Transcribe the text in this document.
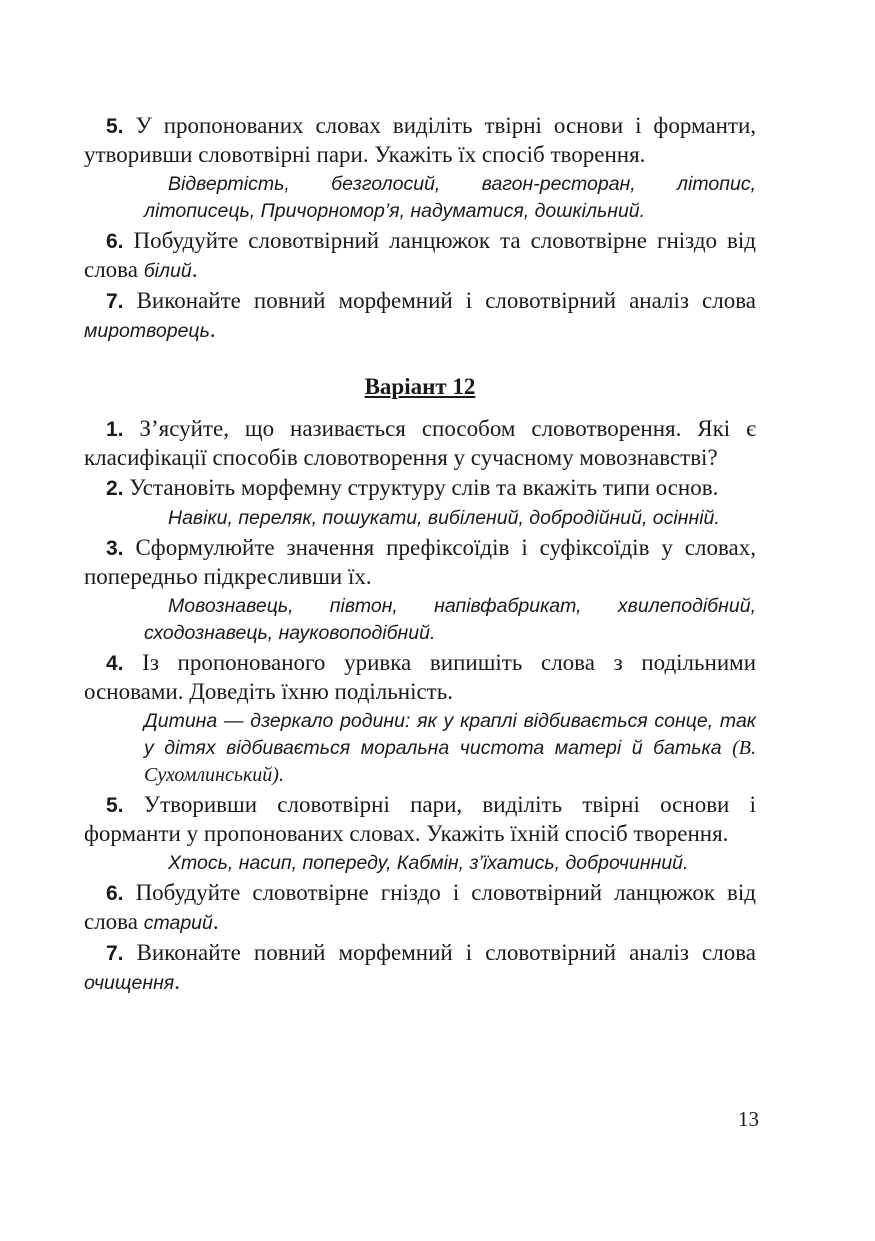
5. У пропонованих словах виділіть твірні основи і форманти, утворивши словотвірні пари. Укажіть їх спосіб творення.

Відвертість, безголосий, вагон-ресторан, літопис, літописець, Причорномор’я, надуматися, дошкільний.

6. Побудуйте словотвірний ланцюжок та словотвірне гніздо від слова білий.

7. Виконайте повний морфемний і словотвірний аналіз слова миротворець.

Варіант 12

1. З’ясуйте, що називається способом словотворення. Які є класифікації способів словотворення у сучасному мовознавстві?

2. Установіть морфемну структуру слів та вкажіть типи основ.

Навіки, переляк, пошукати, вибілений, добродійний, осінній.

3. Сформулюйте значення префіксоїдів і суфіксоїдів у словах, попередньо підкресливши їх.

Мовознавець, півтон, напівфабрикат, хвилеподібний, сходознавець, науковоподібний.

4. Із пропонованого уривка випишіть слова з подільними основами. Доведіть їхню подільність.

Дитина — дзеркало родини: як у краплі відбивається сонце, так у дітях відбивається моральна чистота матері й батька (В. Сухомлинський).

5. Утворивши словотвірні пари, виділіть твірні основи і форманти у пропонованих словах. Укажіть їхній спосіб творення.

Хтось, насип, попереду, Кабмін, з’їхатись, доброчинний.

6. Побудуйте словотвірне гніздо і словотвірний ланцюжок від слова старий.

7. Виконайте повний морфемний і словотвірний аналіз слова очищення.

13
